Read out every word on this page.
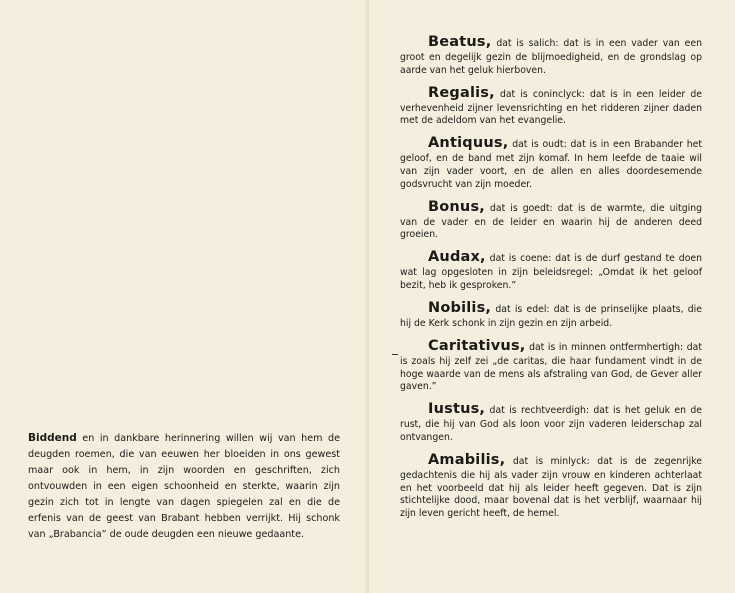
Biddend en in dankbare herinnering willen wij van hem de deugden roemen, die van eeuwen her bloeiden in ons gewest maar ook in hem, in zijn woorden en geschriften, zich ontvouwden in een eigen schoonheid en sterkte, waarin zijn gezin zich tot in lengte van dagen spiegelen zal en die de erfenis van de geest van Brabant hebben verrijkt. Hij schonk van „Brabancia” de oude deugden een nieuwe gedaante.
Beatus, dat is salich: dat is in een vader van een groot en degelijk gezin de blijmoedigheid, en de grondslag op aarde van het geluk hierboven.
Regalis, dat is coninclyck: dat is in een leider de verhevenheid zijner levensrichting en het ridderen zijner daden met de adeldom van het evangelie.
Antiquus, dat is oudt: dat is in een Brabander het geloof, en de band met zijn komaf. In hem leefde de taaie wil van zijn vader voort, en de allen en alles doordesemende godsvrucht van zijn moeder.
Bonus, dat is goedt: dat is de warmte, die uitging van de vader en de leider en waarin hij de anderen deed groeien.
Audax, dat is coene: dat is de durf gestand te doen wat lag opgesloten in zijn beleidsregel: „Omdat ik het geloof bezit, heb ik gesproken.”
Nobilis, dat is edel: dat is de prinselijke plaats, die hij de Kerk schonk in zijn gezin en zijn arbeid.
Caritativus, dat is in minnen ontfermhertigh: dat is zoals hij zelf zei „de caritas, die haar fundament vindt in de hoge waarde van de mens als afstraling van God, de Gever aller gaven.”
Iustus, dat is rechtveerdigh: dat is het geluk en de rust, die hij van God als loon voor zijn vaderen leiderschap zal ontvangen.
Amabilis, dat is minlyck: dat is de zegenrijke gedachtenis die hij als vader zijn vrouw en kinderen achterlaat en het voorbeeld dat hij als leider heeft gegeven. Dat is zijn stichtelijke dood, maar bovenal dat is het verblijf, waarnaar hij zijn leven gericht heeft, de hemel.
